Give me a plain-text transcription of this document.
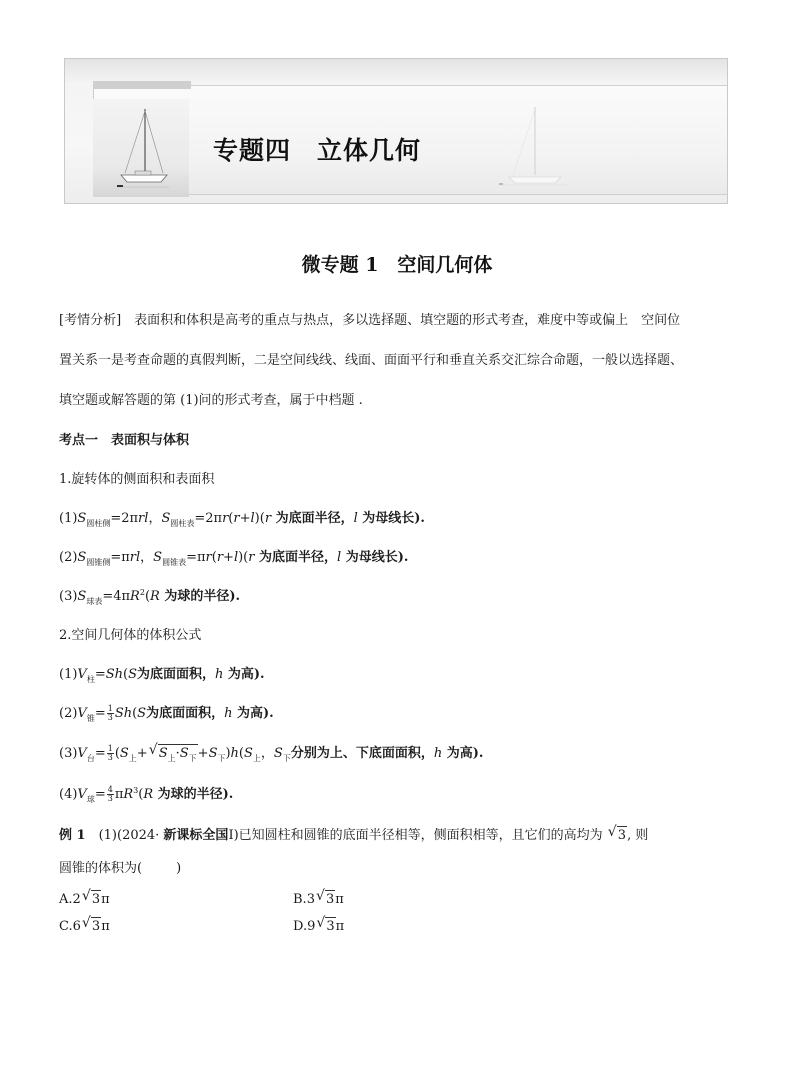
专题四　立体几何
微专题 1　空间几何体
[考情分析]　表面积和体积是高考的重点与热点，多以选择题、填空题的形式考查，难度中等或偏上　空间位
置关系一是考查命题的真假判断，二是空间线线、线面、面面平行和垂直关系交汇综合命题，一般以选择题、
填空题或解答题的第 (1)问的形式考查，属于中档题 .
考点一　表面积与体积
1.旋转体的侧面积和表面积
$(1)S_{圆柱侧}=2\pi rl$，$S_{圆柱表}=2\pi r(r+l)(r$ 为底面半径，l 为母线长).
$(2)S_{圆锥侧}=\pi rl$，$S_{圆锥表}=\pi r(r+l)(r$ 为底面半径，l 为母线长).
$(3)S_{球表}=4\pi R^2(R$ 为球的半径).
2.空间几何体的体积公式
$(1)V_柱=Sh(S$为底面面积，h 为高).
$(2)V_锥= \frac{1}{3} Sh(S$为底面面积，h 为高).
$(3)V_台= \frac{1}{3} (S_上+√$ $S_上\cdot S_下+S_下)h(S_上$，$S_下$分别为上、下底面面积，h 为高).
$(4)V_球= \frac{4}{3} \pi R^3(R$ 为球的半径).
例 1　(1)(2024· 新课标全国Ⅰ)已知圆柱和圆锥的底面半径相等，侧面积相等，且它们的高均为 √ 3, 则
圆锥的体积为(	)
A.2√ 3π	B.3√ 3π
C.6√ 3π	D.9√ 3π
